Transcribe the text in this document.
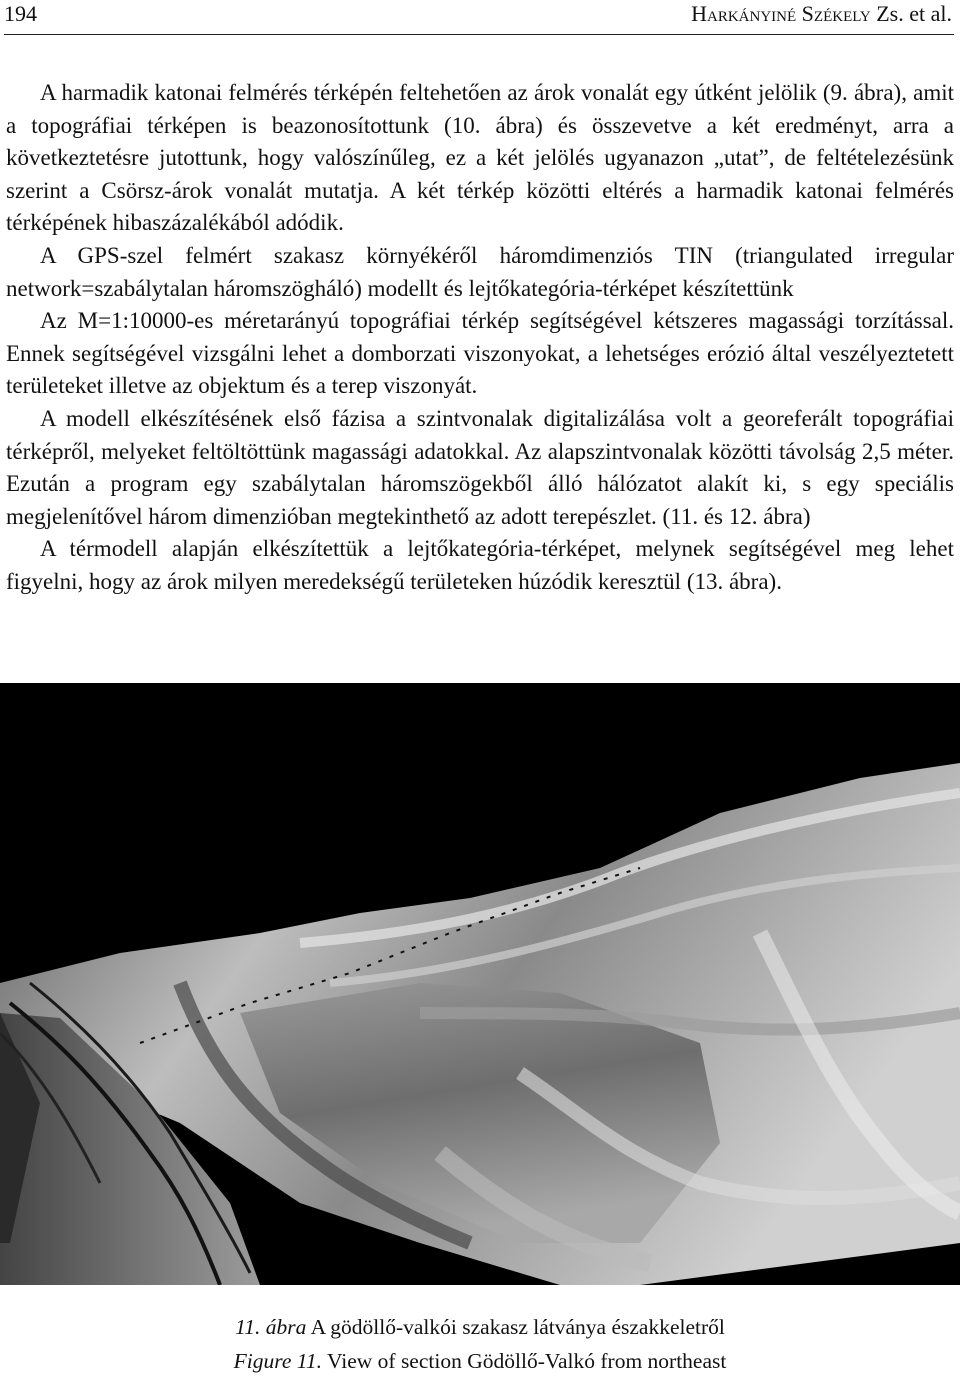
194	Harkányiné Székely Zs. et al.

A harmadik katonai felmérés térképén feltehetően az árok vonalát egy útként jelölik (9. ábra), amit a topográfiai térképen is beazonosítottunk (10. ábra) és összevetve a két eredményt, arra a következtetésre jutottunk, hogy valószínűleg, ez a két jelölés ugyanazon „utat”, de feltételezésünk szerint a Csörsz-árok vonalát mutatja. A két térkép közötti eltérés a harmadik katonai felmérés térképének hibaszázalékából adódik.

A GPS-szel felmért szakasz környékéről háromdimenziós TIN (triangulated irregular network=szabálytalan háromszögháló) modellt és lejtőkategória-térképet készítettünk

Az M=1:10000-es méretarányú topográfiai térkép segítségével kétszeres magassági torzítással. Ennek segítségével vizsgálni lehet a domborzati viszonyokat, a lehetséges erózió által veszélyeztetett területeket illetve az objektum és a terep viszonyát.

A modell elkészítésének első fázisa a szintvonalak digitalizálása volt a georeferált topográfiai térképről, melyeket feltöltöttünk magassági adatokkal. Az alapszintvonalak közötti távolság 2,5 méter. Ezután a program egy szabálytalan háromszögekből álló hálózatot alakít ki, s egy speciális megjelenítővel három dimenzióban megtekinthető az adott terepészlet. (11. és 12. ábra)

A térmodell alapján elkészítettük a lejtőkategória-térképet, melynek segítségével meg lehet figyelni, hogy az árok milyen meredekségű területeken húzódik keresztül (13. ábra).

11. ábra A gödöllő-valkói szakasz látványa északkeletről
Figure 11. View of section Gödöllő-Valkó from northeast
